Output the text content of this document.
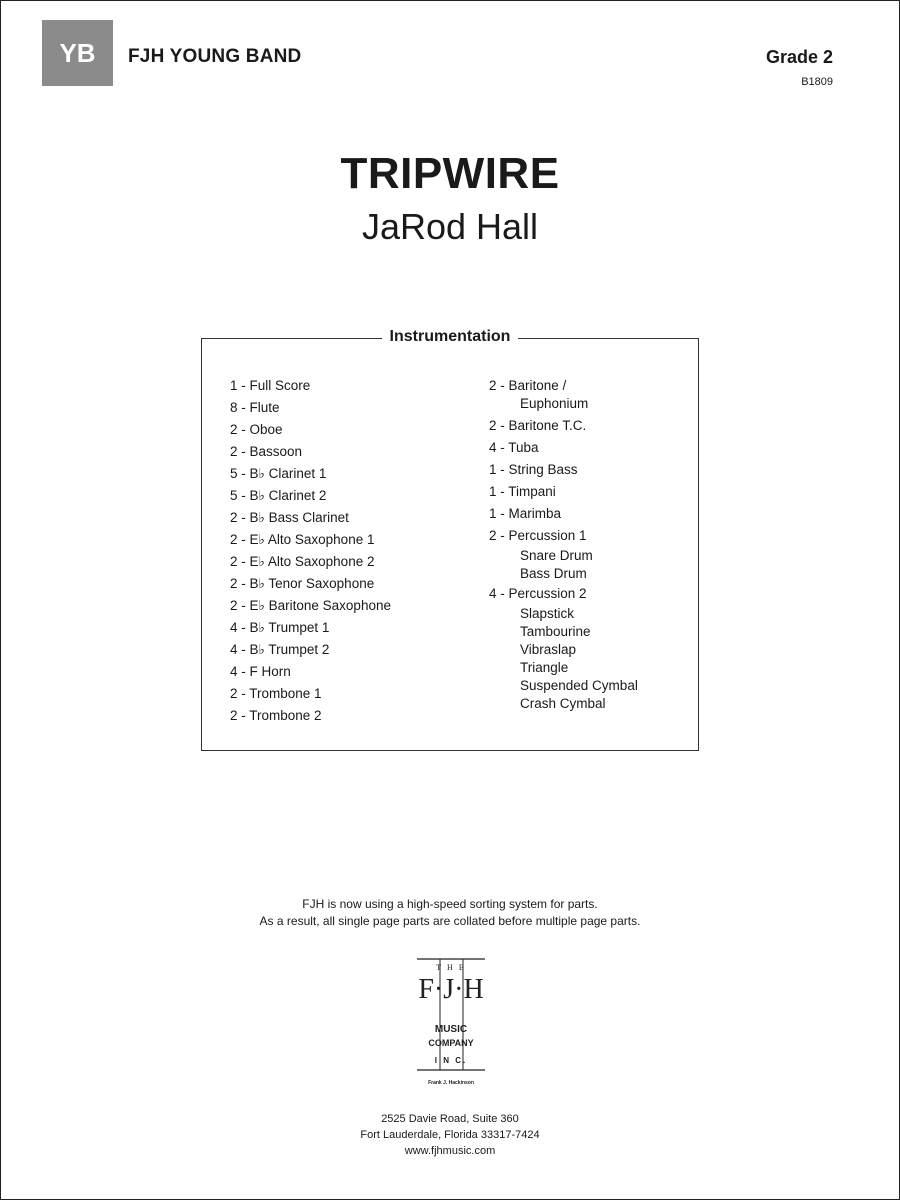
YB	FJH YOUNG BAND	Grade 2
B1809
TRIPWIRE
JaRod Hall
Instrumentation
1 - Full Score
8 - Flute
2 - Oboe
2 - Bassoon
5 - B♭ Clarinet 1
5 - B♭ Clarinet 2
2 - B♭ Bass Clarinet
2 - E♭ Alto Saxophone 1
2 - E♭ Alto Saxophone 2
2 - B♭ Tenor Saxophone
2 - E♭ Baritone Saxophone
4 - B♭ Trumpet 1
4 - B♭ Trumpet 2
4 - F Horn
2 - Trombone 1
2 - Trombone 2
2 - Baritone /
Euphonium
2 - Baritone T.C.
4 - Tuba
1 - String Bass
1 - Timpani
1 - Marimba
2 - Percussion 1
Snare Drum
Bass Drum
4 - Percussion 2
Slapstick
Tambourine
Vibraslap
Triangle
Suspended Cymbal
Crash Cymbal
FJH is now using a high-speed sorting system for parts.
As a result, all single page parts are collated before multiple page parts.
T H E
F·J·H
MUSIC
COMPANY
I N C.
Frank J. Hackinson
2525 Davie Road, Suite 360
Fort Lauderdale, Florida 33317-7424
www.fjhmusic.com
